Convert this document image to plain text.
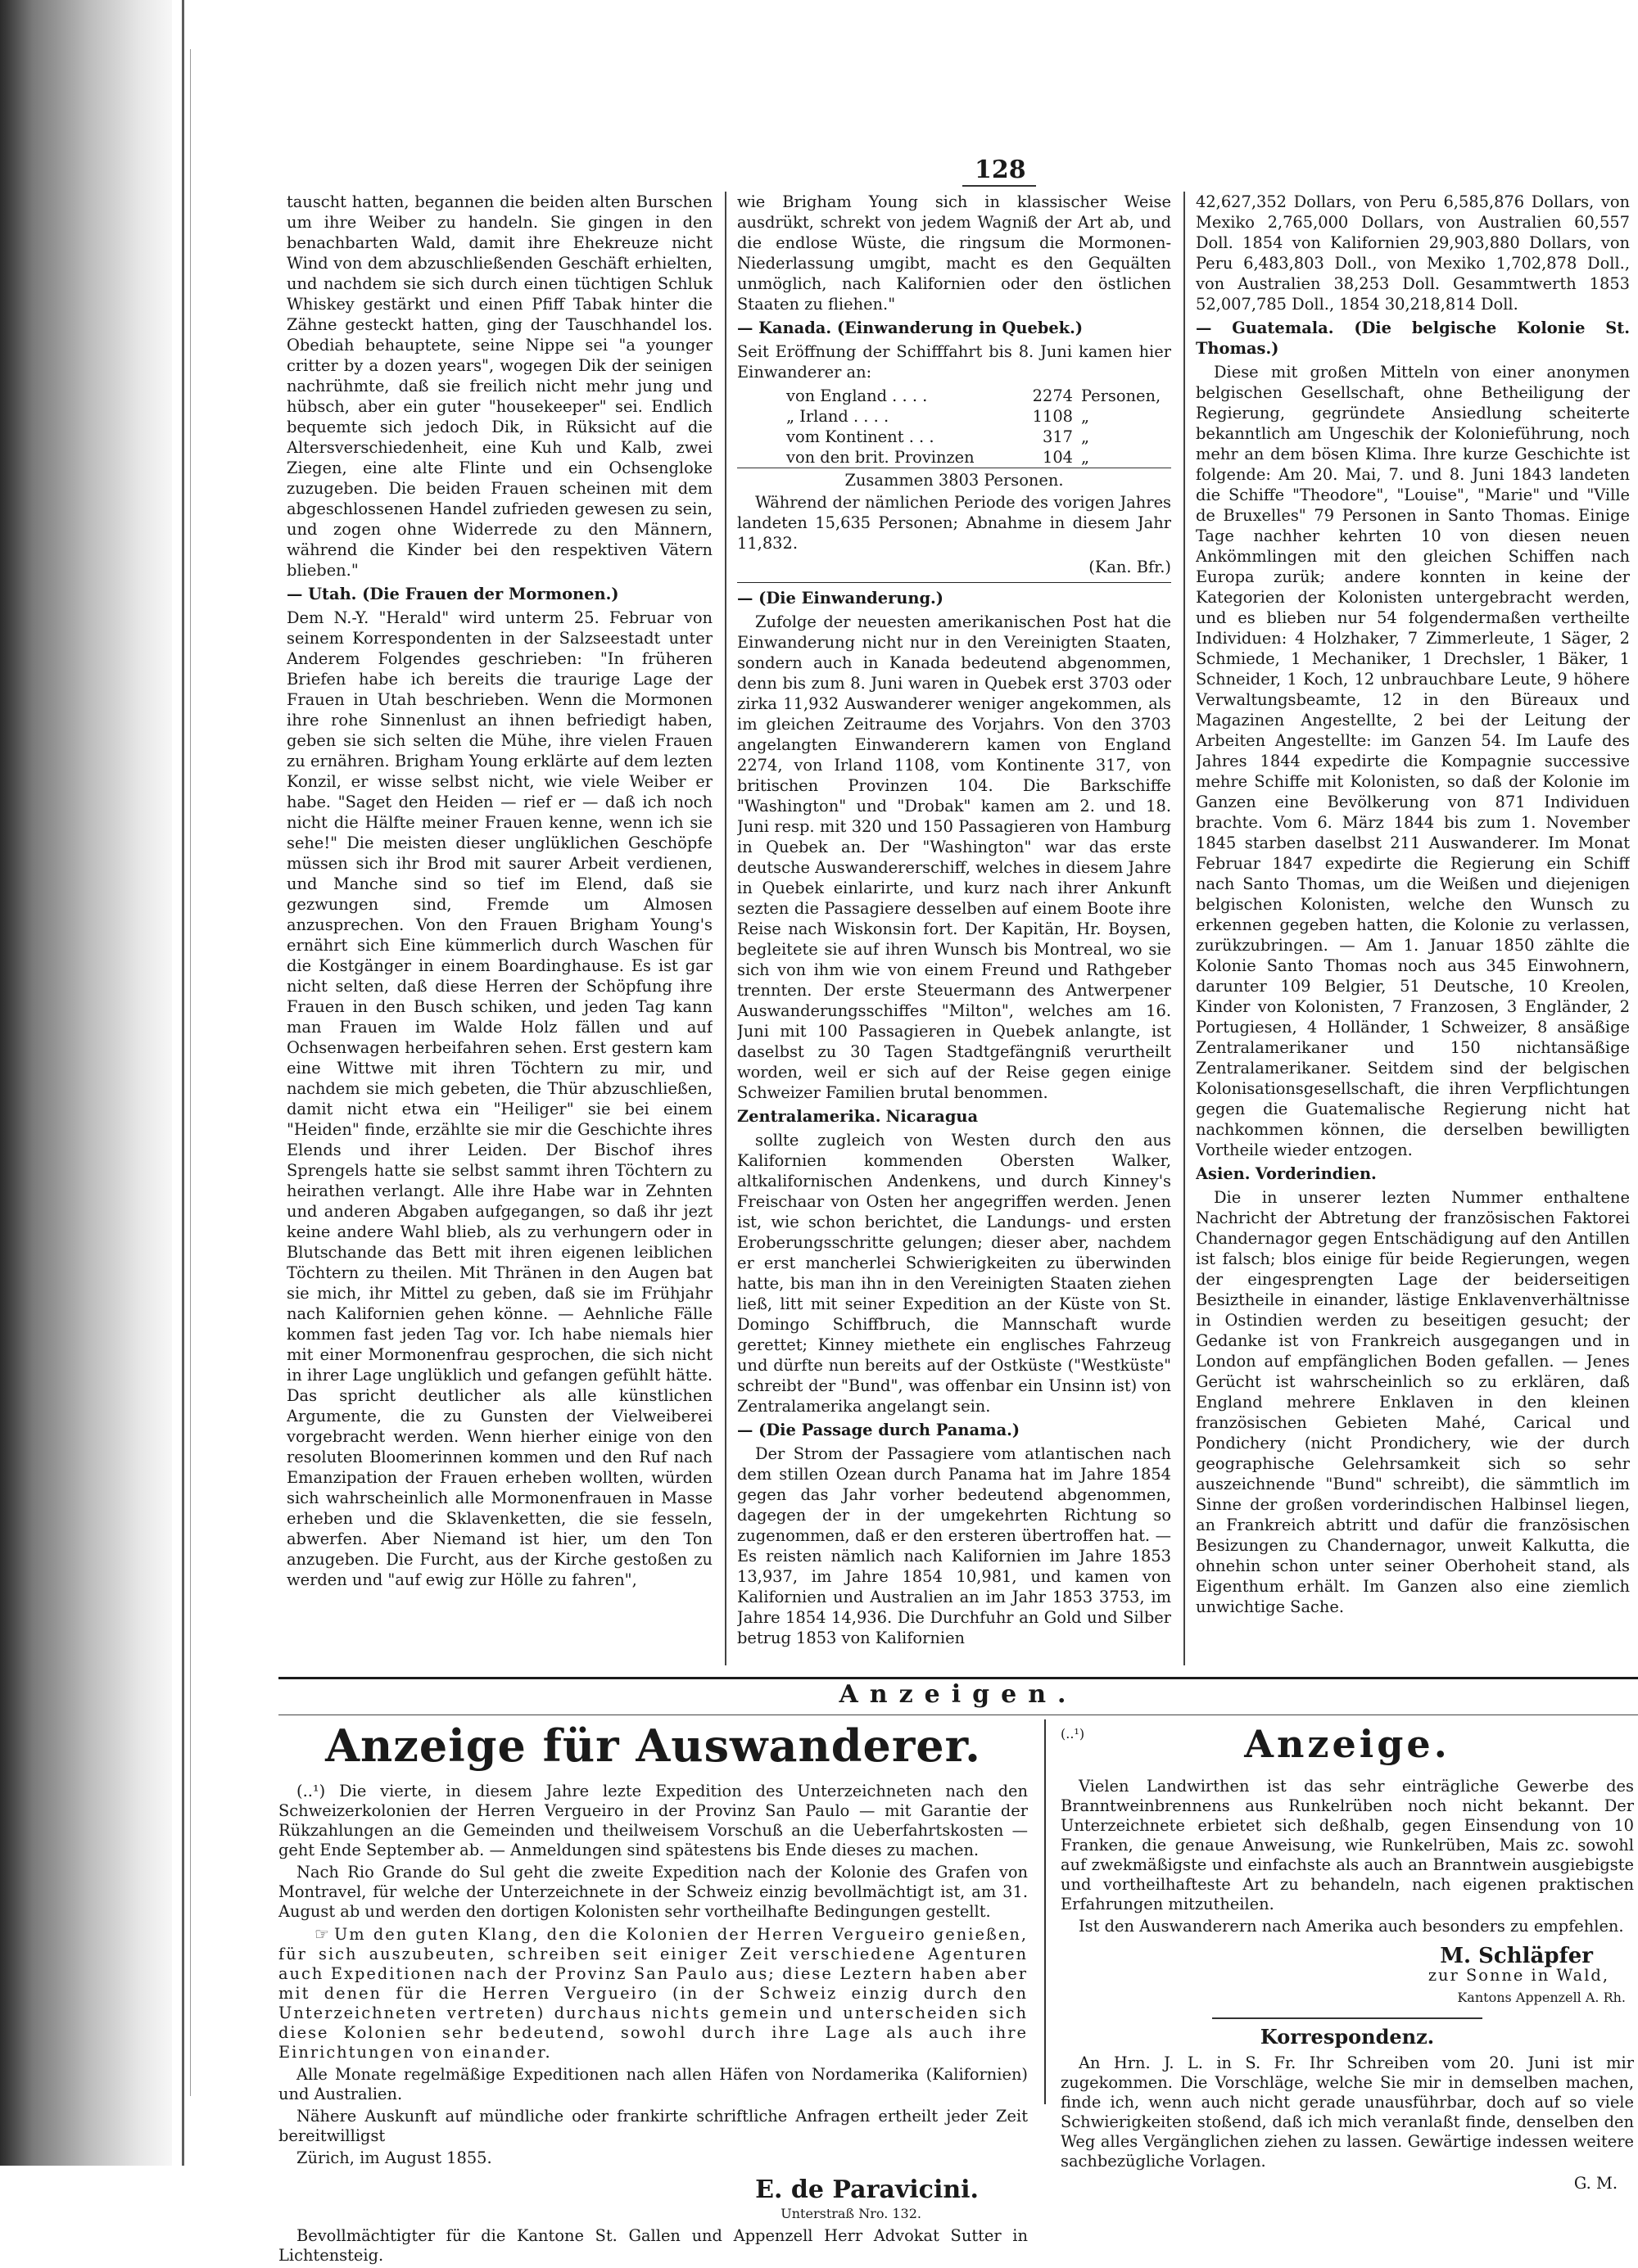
128

tauscht hatten, begannen die beiden alten Burschen um ihre Weiber zu handeln. Sie gingen in den benachbarten Wald, damit ihre Ehekreuze nicht Wind von dem abzuschließenden Geschäft erhielten, und nachdem sie sich durch einen tüchtigen Schluk Whiskey gestärkt und einen Pfiff Tabak hinter die Zähne gesteckt hatten, ging der Tauschhandel los. Obediah behauptete, seine Nippe sei "a younger critter by a dozen years", wogegen Dik der seinigen nachrühmte, daß sie freilich nicht mehr jung und hübsch, aber ein guter "housekeeper" sei. Endlich bequemte sich jedoch Dik, in Rüksicht auf die Altersverschiedenheit, eine Kuh und Kalb, zwei Ziegen, eine alte Flinte und ein Ochsengloke zuzugeben. Die beiden Frauen scheinen mit dem abgeschlossenen Handel zufrieden gewesen zu sein, und zogen ohne Widerrede zu den Männern, während die Kinder bei den respektiven Vätern blieben."

— Utah. (Die Frauen der Mormonen.)

Dem N.-Y. "Herald" wird unterm 25. Februar von seinem Korrespondenten in der Salzseestadt unter Anderem Folgendes geschrieben: "In früheren Briefen habe ich bereits die traurige Lage der Frauen in Utah beschrieben. Wenn die Mormonen ihre rohe Sinnenlust an ihnen befriedigt haben, geben sie sich selten die Mühe, ihre vielen Frauen zu ernähren. Brigham Young erklärte auf dem lezten Konzil, er wisse selbst nicht, wie viele Weiber er habe. "Saget den Heiden — rief er — daß ich noch nicht die Hälfte meiner Frauen kenne, wenn ich sie sehe!" Die meisten dieser unglüklichen Geschöpfe müssen sich ihr Brod mit saurer Arbeit verdienen, und Manche sind so tief im Elend, daß sie gezwungen sind, Fremde um Almosen anzusprechen. Von den Frauen Brigham Young's ernährt sich Eine kümmerlich durch Waschen für die Kostgänger in einem Boardinghause. Es ist gar nicht selten, daß diese Herren der Schöpfung ihre Frauen in den Busch schiken, und jeden Tag kann man Frauen im Walde Holz fällen und auf Ochsenwagen herbeifahren sehen. Erst gestern kam eine Wittwe mit ihren Töchtern zu mir, und nachdem sie mich gebeten, die Thür abzuschließen, damit nicht etwa ein "Heiliger" sie bei einem "Heiden" finde, erzählte sie mir die Geschichte ihres Elends und ihrer Leiden. Der Bischof ihres Sprengels hatte sie selbst sammt ihren Töchtern zu heirathen verlangt. Alle ihre Habe war in Zehnten und anderen Abgaben aufgegangen, so daß ihr jezt keine andere Wahl blieb, als zu verhungern oder in Blutschande das Bett mit ihren eigenen leiblichen Töchtern zu theilen. Mit Thränen in den Augen bat sie mich, ihr Mittel zu geben, daß sie im Frühjahr nach Kalifornien gehen könne. — Aehnliche Fälle kommen fast jeden Tag vor. Ich habe niemals hier mit einer Mormonenfrau gesprochen, die sich nicht in ihrer Lage unglüklich und gefangen gefühlt hätte. Das spricht deutlicher als alle künstlichen Argumente, die zu Gunsten der Vielweiberei vorgebracht werden. Wenn hierher einige von den resoluten Bloomerinnen kommen und den Ruf nach Emanzipation der Frauen erheben wollten, würden sich wahrscheinlich alle Mormonenfrauen in Masse erheben und die Sklavenketten, die sie fesseln, abwerfen. Aber Niemand ist hier, um den Ton anzugeben. Die Furcht, aus der Kirche gestoßen zu werden und "auf ewig zur Hölle zu fahren",

wie Brigham Young sich in klassischer Weise ausdrükt, schrekt von jedem Wagniß der Art ab, und die endlose Wüste, die ringsum die Mormonen-Niederlassung umgibt, macht es den Gequälten unmöglich, nach Kalifornien oder den östlichen Staaten zu fliehen."

— Kanada. (Einwanderung in Quebek.)

Seit Eröffnung der Schifffahrt bis 8. Juni kamen hier Einwanderer an:

von England . . . .	2274	Personen,
„ Irland . . . .	1108	„
vom Kontinent . . .	317	„
von den brit. Provinzen	104	„
Zusammen 3803 Personen.		

Während der nämlichen Periode des vorigen Jahres landeten 15,635 Personen; Abnahme in diesem Jahr 11,832.

(Kan. Bfr.)

— (Die Einwanderung.)

Zufolge der neuesten amerikanischen Post hat die Einwanderung nicht nur in den Vereinigten Staaten, sondern auch in Kanada bedeutend abgenommen, denn bis zum 8. Juni waren in Quebek erst 3703 oder zirka 11,932 Auswanderer weniger angekommen, als im gleichen Zeitraume des Vorjahrs. Von den 3703 angelangten Einwanderern kamen von England 2274, von Irland 1108, vom Kontinente 317, von britischen Provinzen 104. Die Barkschiffe "Washington" und "Drobak" kamen am 2. und 18. Juni resp. mit 320 und 150 Passagieren von Hamburg in Quebek an. Der "Washington" war das erste deutsche Auswandererschiff, welches in diesem Jahre in Quebek einlarirte, und kurz nach ihrer Ankunft sezten die Passagiere desselben auf einem Boote ihre Reise nach Wiskonsin fort. Der Kapitän, Hr. Boysen, begleitete sie auf ihren Wunsch bis Montreal, wo sie sich von ihm wie von einem Freund und Rathgeber trennten. Der erste Steuermann des Antwerpener Auswanderungsschiffes "Milton", welches am 16. Juni mit 100 Passagieren in Quebek anlangte, ist daselbst zu 30 Tagen Stadtgefängniß verurtheilt worden, weil er sich auf der Reise gegen einige Schweizer Familien brutal benommen.

Zentralamerika. Nicaragua

sollte zugleich von Westen durch den aus Kalifornien kommenden Obersten Walker, altkalifornischen Andenkens, und durch Kinney's Freischaar von Osten her angegriffen werden. Jenen ist, wie schon berichtet, die Landungs- und ersten Eroberungsschritte gelungen; dieser aber, nachdem er erst mancherlei Schwierigkeiten zu überwinden hatte, bis man ihn in den Vereinigten Staaten ziehen ließ, litt mit seiner Expedition an der Küste von St. Domingo Schiffbruch, die Mannschaft wurde gerettet; Kinney miethete ein englisches Fahrzeug und dürfte nun bereits auf der Ostküste ("Westküste" schreibt der "Bund", was offenbar ein Unsinn ist) von Zentralamerika angelangt sein.

— (Die Passage durch Panama.)

Der Strom der Passagiere vom atlantischen nach dem stillen Ozean durch Panama hat im Jahre 1854 gegen das Jahr vorher bedeutend abgenommen, dagegen der in der umgekehrten Richtung so zugenommen, daß er den ersteren übertroffen hat. — Es reisten nämlich nach Kalifornien im Jahre 1853 13,937, im Jahre 1854 10,981, und kamen von Kalifornien und Australien an im Jahr 1853 3753, im Jahre 1854 14,936. Die Durchfuhr an Gold und Silber betrug 1853 von Kalifornien

42,627,352 Dollars, von Peru 6,585,876 Dollars, von Mexiko 2,765,000 Dollars, von Australien 60,557 Doll. 1854 von Kalifornien 29,903,880 Dollars, von Peru 6,483,803 Doll., von Mexiko 1,702,878 Doll., von Australien 38,253 Doll. Gesammtwerth 1853 52,007,785 Doll., 1854 30,218,814 Doll.

— Guatemala. (Die belgische Kolonie St. Thomas.)

Diese mit großen Mitteln von einer anonymen belgischen Gesellschaft, ohne Betheiligung der Regierung, gegründete Ansiedlung scheiterte bekanntlich am Ungeschik der Kolonieführung, noch mehr an dem bösen Klima. Ihre kurze Geschichte ist folgende: Am 20. Mai, 7. und 8. Juni 1843 landeten die Schiffe "Theodore", "Louise", "Marie" und "Ville de Bruxelles" 79 Personen in Santo Thomas. Einige Tage nachher kehrten 10 von diesen neuen Ankömmlingen mit den gleichen Schiffen nach Europa zurük; andere konnten in keine der Kategorien der Kolonisten untergebracht werden, und es blieben nur 54 folgendermaßen vertheilte Individuen: 4 Holzhaker, 7 Zimmerleute, 1 Säger, 2 Schmiede, 1 Mechaniker, 1 Drechsler, 1 Bäker, 1 Schneider, 1 Koch, 12 unbrauchbare Leute, 9 höhere Verwaltungsbeamte, 12 in den Büreaux und Magazinen Angestellte, 2 bei der Leitung der Arbeiten Angestellte: im Ganzen 54. Im Laufe des Jahres 1844 expedirte die Kompagnie successive mehre Schiffe mit Kolonisten, so daß der Kolonie im Ganzen eine Bevölkerung von 871 Individuen brachte. Vom 6. März 1844 bis zum 1. November 1845 starben daselbst 211 Auswanderer. Im Monat Februar 1847 expedirte die Regierung ein Schiff nach Santo Thomas, um die Weißen und diejenigen belgischen Kolonisten, welche den Wunsch zu erkennen gegeben hatten, die Kolonie zu verlassen, zurükzubringen. — Am 1. Januar 1850 zählte die Kolonie Santo Thomas noch aus 345 Einwohnern, darunter 109 Belgier, 51 Deutsche, 10 Kreolen, Kinder von Kolonisten, 7 Franzosen, 3 Engländer, 2 Portugiesen, 4 Holländer, 1 Schweizer, 8 ansäßige Zentralamerikaner und 150 nichtansäßige Zentralamerikaner. Seitdem sind der belgischen Kolonisationsgesellschaft, die ihren Verpflichtungen gegen die Guatemalische Regierung nicht hat nachkommen können, die derselben bewilligten Vortheile wieder entzogen.

Asien. Vorderindien.

Die in unserer lezten Nummer enthaltene Nachricht der Abtretung der französischen Faktorei Chandernagor gegen Entschädigung auf den Antillen ist falsch; blos einige für beide Regierungen, wegen der eingesprengten Lage der beiderseitigen Besiztheile in einander, lästige Enklavenverhältnisse in Ostindien werden zu beseitigen gesucht; der Gedanke ist von Frankreich ausgegangen und in London auf empfänglichen Boden gefallen. — Jenes Gerücht ist wahrscheinlich so zu erklären, daß England mehrere Enklaven in den kleinen französischen Gebieten Mahé, Carical und Pondichery (nicht Prondichery, wie der durch geographische Gelehrsamkeit sich so sehr auszeichnende "Bund" schreibt), die sämmtlich im Sinne der großen vorderindischen Halbinsel liegen, an Frankreich abtritt und dafür die französischen Besizungen zu Chandernagor, unweit Kalkutta, die ohnehin schon unter seiner Oberhoheit stand, als Eigenthum erhält. Im Ganzen also eine ziemlich unwichtige Sache.

Anzeigen.
Anzeige für Auswanderer.

(..¹) Die vierte, in diesem Jahre lezte Expedition des Unterzeichneten nach den Schweizerkolonien der Herren Vergueiro in der Provinz San Paulo — mit Garantie der Rükzahlungen an die Gemeinden und theilweisem Vorschuß an die Ueberfahrtskosten — geht Ende September ab. — Anmeldungen sind spätestens bis Ende dieses zu machen.

Nach Rio Grande do Sul geht die zweite Expedition nach der Kolonie des Grafen von Montravel, für welche der Unterzeichnete in der Schweiz einzig bevollmächtigt ist, am 31. August ab und werden den dortigen Kolonisten sehr vortheilhafte Bedingungen gestellt.

☞ Um den guten Klang, den die Kolonien der Herren Vergueiro genießen, für sich auszubeuten, schreiben seit einiger Zeit verschiedene Agenturen auch Expeditionen nach der Provinz San Paulo aus; diese Leztern haben aber mit denen für die Herren Vergueiro (in der Schweiz einzig durch den Unterzeichneten vertreten) durchaus nichts gemein und unterscheiden sich diese Kolonien sehr bedeutend, sowohl durch ihre Lage als auch ihre Einrichtungen von einander.

Alle Monate regelmäßige Expeditionen nach allen Häfen von Nordamerika (Kalifornien) und Australien.

Nähere Auskunft auf mündliche oder frankirte schriftliche Anfragen ertheilt jeder Zeit bereitwilligst

Zürich, im August 1855.

E. de Paravicini.

Unterstraß Nro. 132.

Bevollmächtigter für die Kantone St. Gallen und Appenzell Herr Advokat Sutter in Lichtensteig.

(..¹)	Anzeige.

Vielen Landwirthen ist das sehr einträgliche Gewerbe des Branntweinbrennens aus Runkelrüben noch nicht bekannt. Der Unterzeichnete erbietet sich deßhalb, gegen Einsendung von 10 Franken, die genaue Anweisung, wie Runkelrüben, Mais zc. sowohl auf zwekmäßigste und einfachste als auch an Branntwein ausgiebigste und vortheilhafteste Art zu behandeln, nach eigenen praktischen Erfahrungen mitzutheilen.

Ist den Auswanderern nach Amerika auch besonders zu empfehlen.

M. Schläpfer

zur Sonne in Wald,

Kantons Appenzell A. Rh.

Korrespondenz.

An Hrn. J. L. in S. Fr. Ihr Schreiben vom 20. Juni ist mir zugekommen. Die Vorschläge, welche Sie mir in demselben machen, finde ich, wenn auch nicht gerade unausführbar, doch auf so viele Schwierigkeiten stoßend, daß ich mich veranlaßt finde, denselben den Weg alles Vergänglichen ziehen zu lassen. Gewärtige indessen weitere sachbezügliche Vorlagen.

G. M.
